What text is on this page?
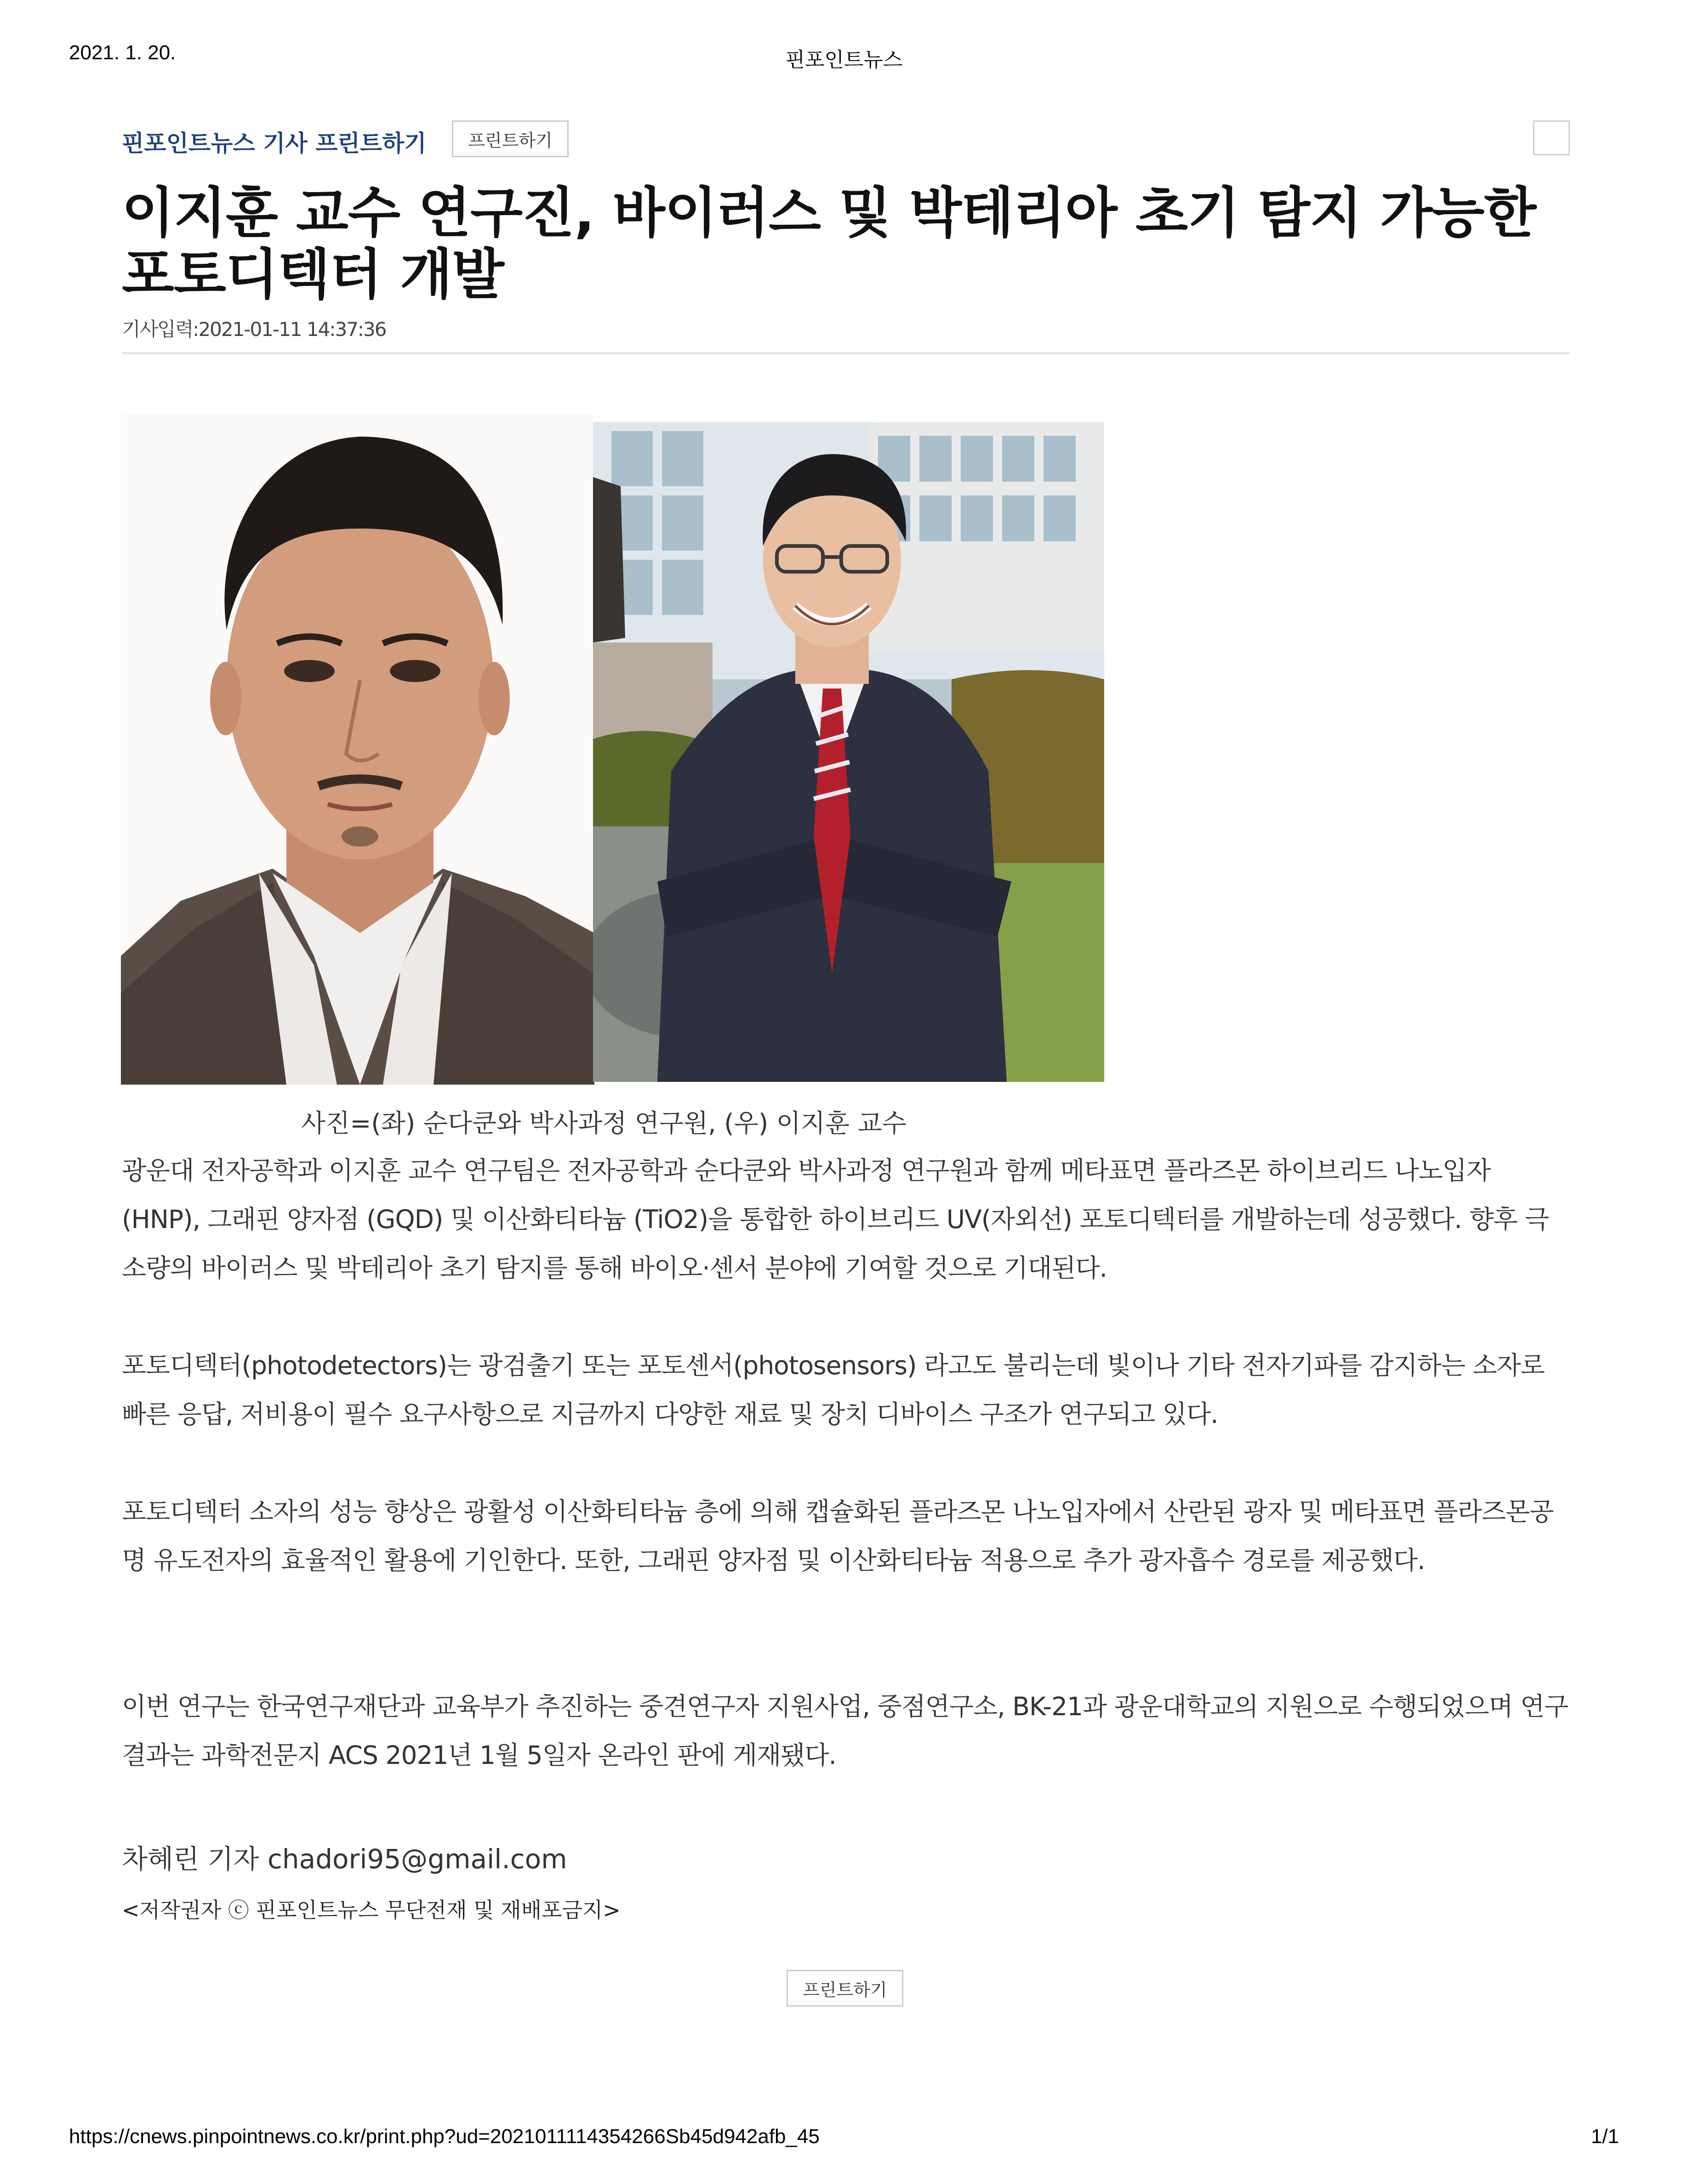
2021. 1. 20.	핀포인트뉴스
핀포인트뉴스 기사 프린트하기	프린트하기
이지훈 교수 연구진, 바이러스 및 박테리아 초기 탐지 가능한 포토디텍터 개발
기사입력:2021-01-11 14:37:36
사진=(좌) 순다쿤와 박사과정 연구원, (우) 이지훈 교수

광운대 전자공학과 이지훈 교수 연구팀은 전자공학과 순다쿤와 박사과정 연구원과 함께 메타표면 플라즈몬 하이브리드 나노입자 (HNP), 그래핀 양자점 (GQD) 및 이산화티타늄 (TiO2)을 통합한 하이브리드 UV(자외선) 포토디텍터를 개발하는데 성공했다. 향후 극소량의 바이러스 및 박테리아 초기 탐지를 통해 바이오·센서 분야에 기여할 것으로 기대된다.

포토디텍터(photodetectors)는 광검출기 또는 포토센서(photosensors) 라고도 불리는데 빛이나 기타 전자기파를 감지하는 소자로 빠른 응답, 저비용이 필수 요구사항으로 지금까지 다양한 재료 및 장치 디바이스 구조가 연구되고 있다.

포토디텍터 소자의 성능 향상은 광활성 이산화티타늄 층에 의해 캡슐화된 플라즈몬 나노입자에서 산란된 광자 및 메타표면 플라즈몬공명 유도전자의 효율적인 활용에 기인한다. 또한, 그래핀 양자점 및 이산화티타늄 적용으로 추가 광자흡수 경로를 제공했다.

이번 연구는 한국연구재단과 교육부가 추진하는 중견연구자 지원사업, 중점연구소, BK-21과 광운대학교의 지원으로 수행되었으며 연구 결과는 과학전문지 ACS 2021년 1월 5일자 온라인 판에 게재됐다.

차혜린 기자 chadori95@gmail.com
<저작권자 ⓒ 핀포인트뉴스 무단전재 및 재배포금지>
프린트하기
https://cnews.pinpointnews.co.kr/print.php?ud=2021011114354266Sb45d942afb_45	1/1
